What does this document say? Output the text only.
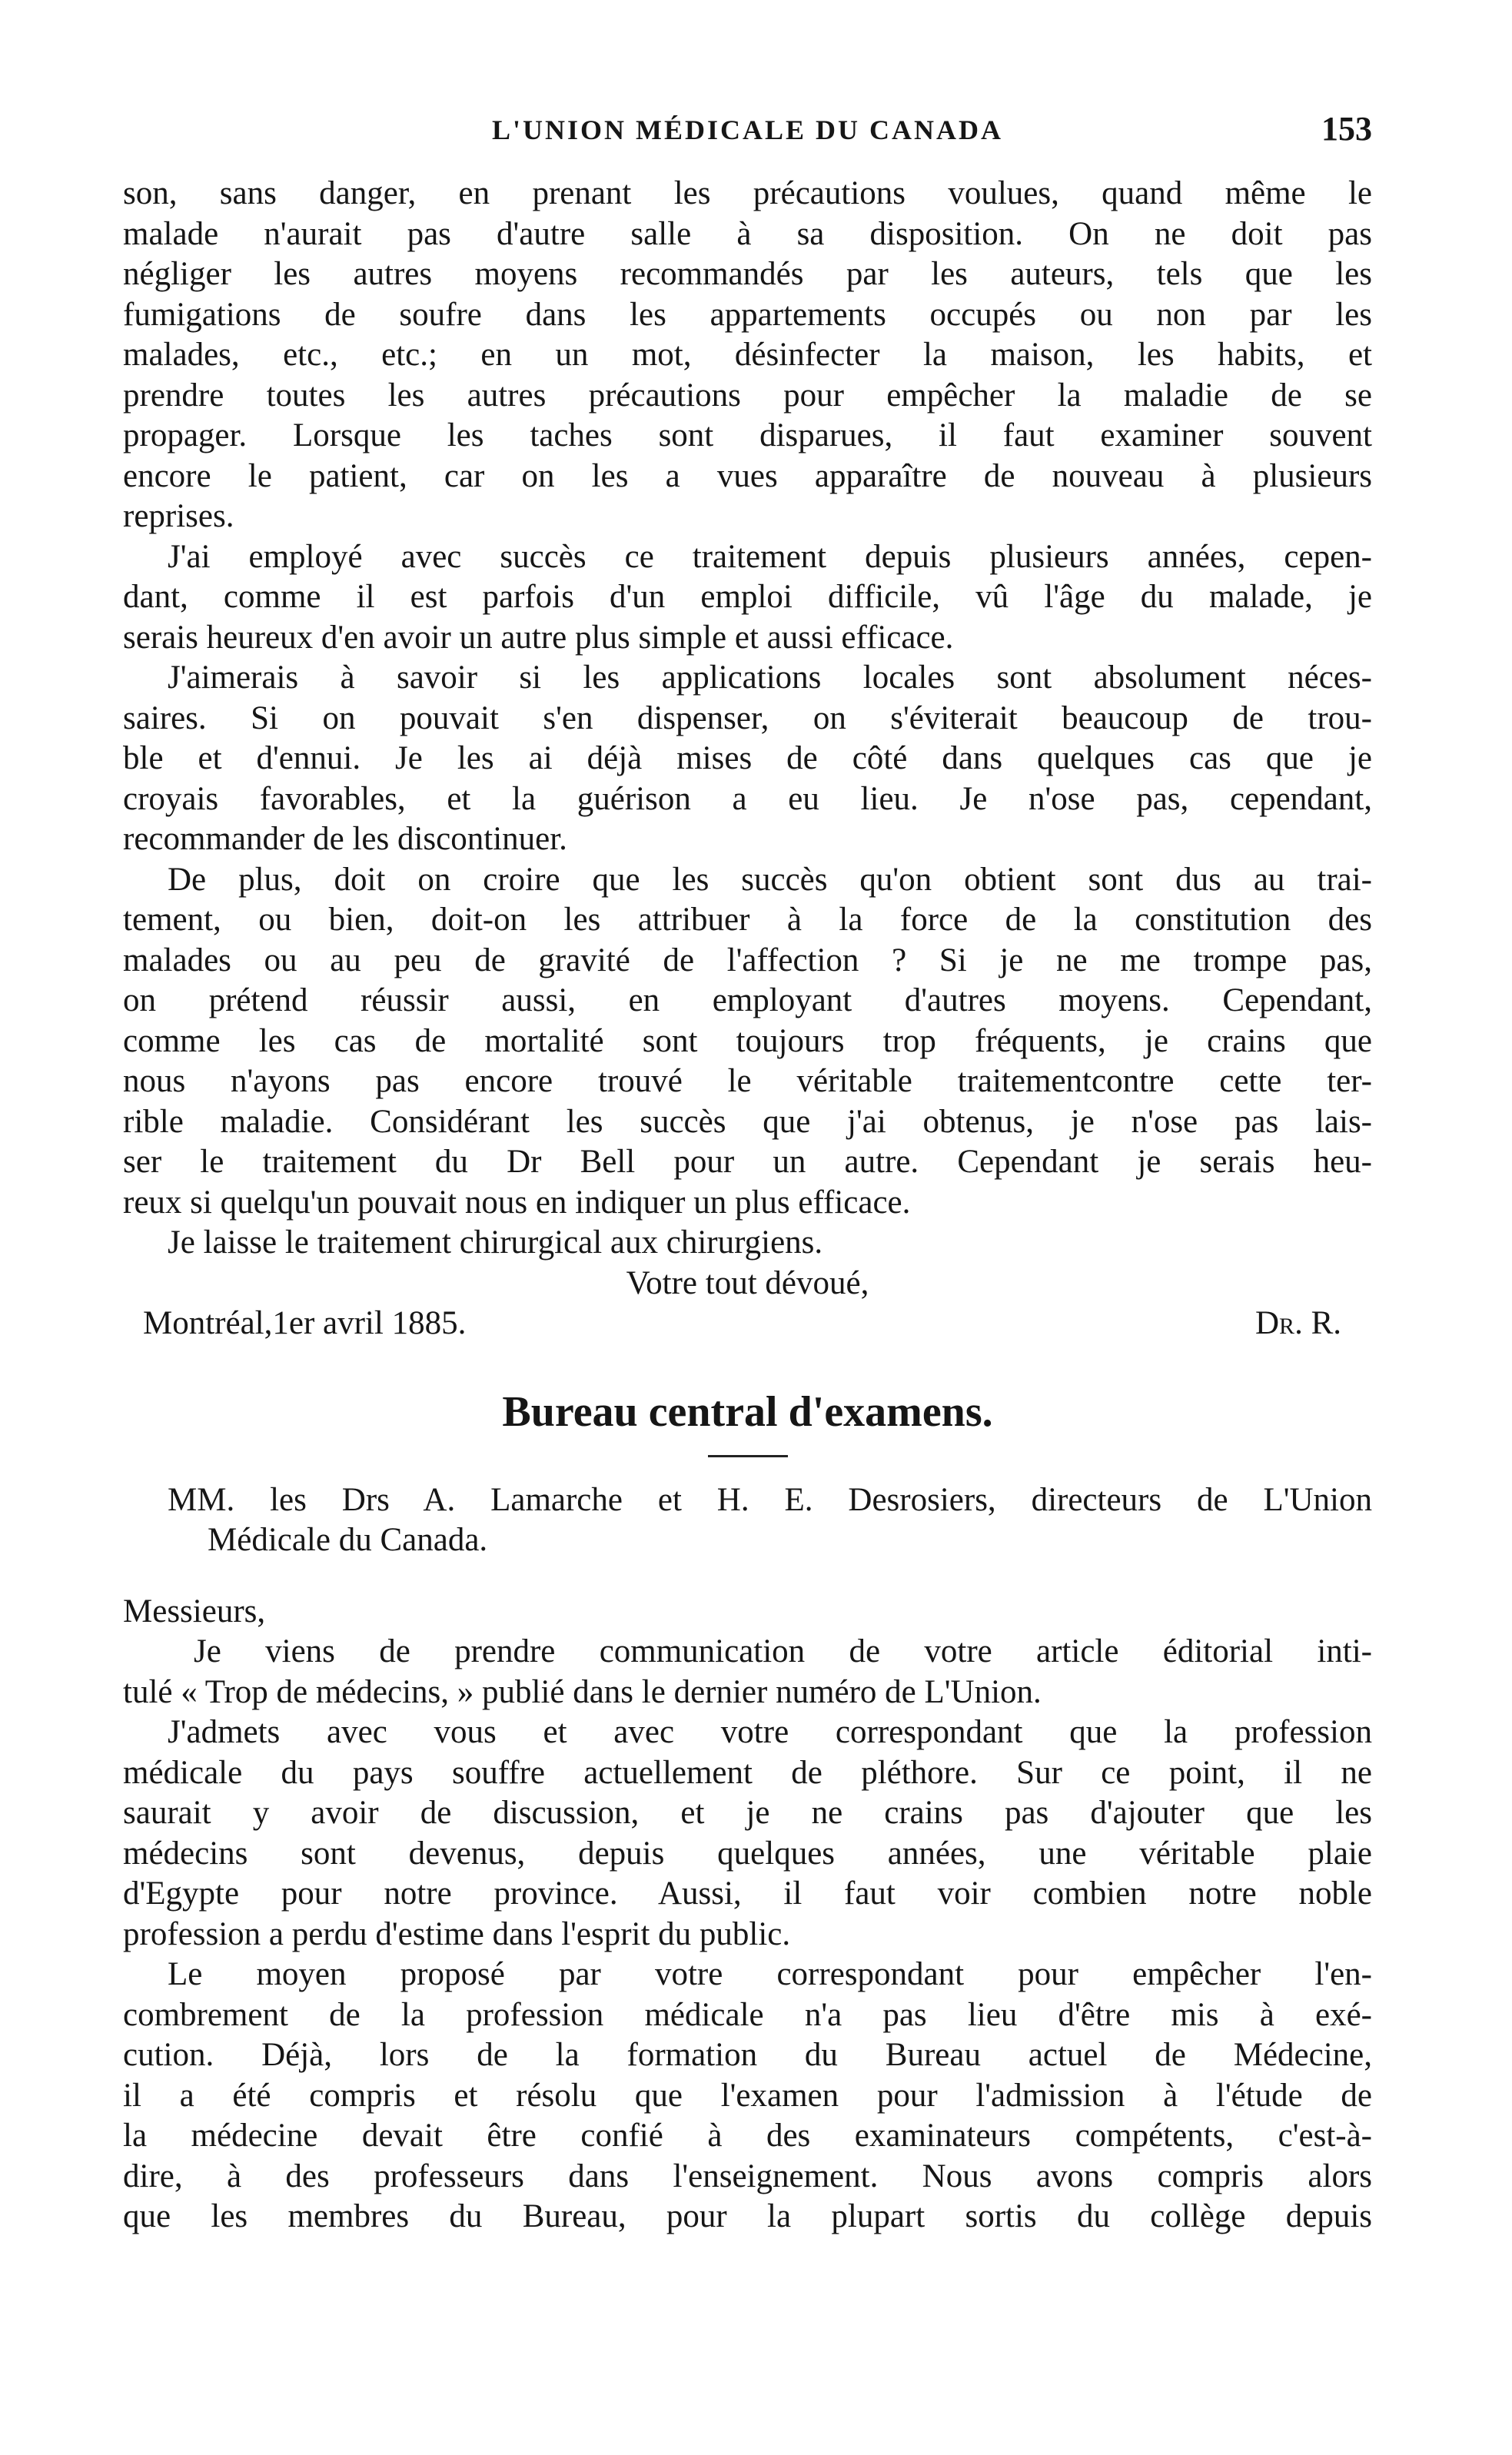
L'UNION MÉDICALE DU CANADA	153
son, sans danger, en prenant les précautions voulues, quand même le
malade n'aurait pas d'autre salle à sa disposition. On ne doit pas
négliger les autres moyens recommandés par les auteurs, tels que les
fumigations de soufre dans les appartements occupés ou non par les
malades, etc., etc.; en un mot, désinfecter la maison, les habits, et
prendre toutes les autres précautions pour empêcher la maladie de se
propager. Lorsque les taches sont disparues, il faut examiner souvent
encore le patient, car on les a vues apparaître de nouveau à plusieurs
reprises.
J'ai employé avec succès ce traitement depuis plusieurs années, cepen-
dant, comme il est parfois d'un emploi difficile, vû l'âge du malade, je
serais heureux d'en avoir un autre plus simple et aussi efficace.
J'aimerais à savoir si les applications locales sont absolument néces-
saires. Si on pouvait s'en dispenser, on s'éviterait beaucoup de trou-
ble et d'ennui. Je les ai déjà mises de côté dans quelques cas que je
croyais favorables, et la guérison a eu lieu. Je n'ose pas, cependant,
recommander de les discontinuer.
De plus, doit on croire que les succès qu'on obtient sont dus au trai-
tement, ou bien, doit-on les attribuer à la force de la constitution des
malades ou au peu de gravité de l'affection ? Si je ne me trompe pas,
on prétend réussir aussi, en employant d'autres moyens. Cependant,
comme les cas de mortalité sont toujours trop fréquents, je crains que
nous n'ayons pas encore trouvé le véritable traitementcontre cette ter-
rible maladie. Considérant les succès que j'ai obtenus, je n'ose pas lais-
ser le traitement du Dr Bell pour un autre. Cependant je serais heu-
reux si quelqu'un pouvait nous en indiquer un plus efficace.
Je laisse le traitement chirurgical aux chirurgiens.
Votre tout dévoué,
Montréal,1er avril 1885.	Dr. R.
Bureau central d'examens.
MM. les Drs A. Lamarche et H. E. Desrosiers, directeurs de L'Union
Médicale du Canada.
Messieurs,
Je viens de prendre communication de votre article éditorial inti-
tulé « Trop de médecins, » publié dans le dernier numéro de L'Union.
J'admets avec vous et avec votre correspondant que la profession
médicale du pays souffre actuellement de pléthore. Sur ce point, il ne
saurait y avoir de discussion, et je ne crains pas d'ajouter que les
médecins sont devenus, depuis quelques années, une véritable plaie
d'Egypte pour notre province. Aussi, il faut voir combien notre noble
profession a perdu d'estime dans l'esprit du public.
Le moyen proposé par votre correspondant pour empêcher l'en-
combrement de la profession médicale n'a pas lieu d'être mis à exé-
cution. Déjà, lors de la formation du Bureau actuel de Médecine,
il a été compris et résolu que l'examen pour l'admission à l'étude de
la médecine devait être confié à des examinateurs compétents, c'est-à-
dire, à des professeurs dans l'enseignement. Nous avons compris alors
que les membres du Bureau, pour la plupart sortis du collège depuis
